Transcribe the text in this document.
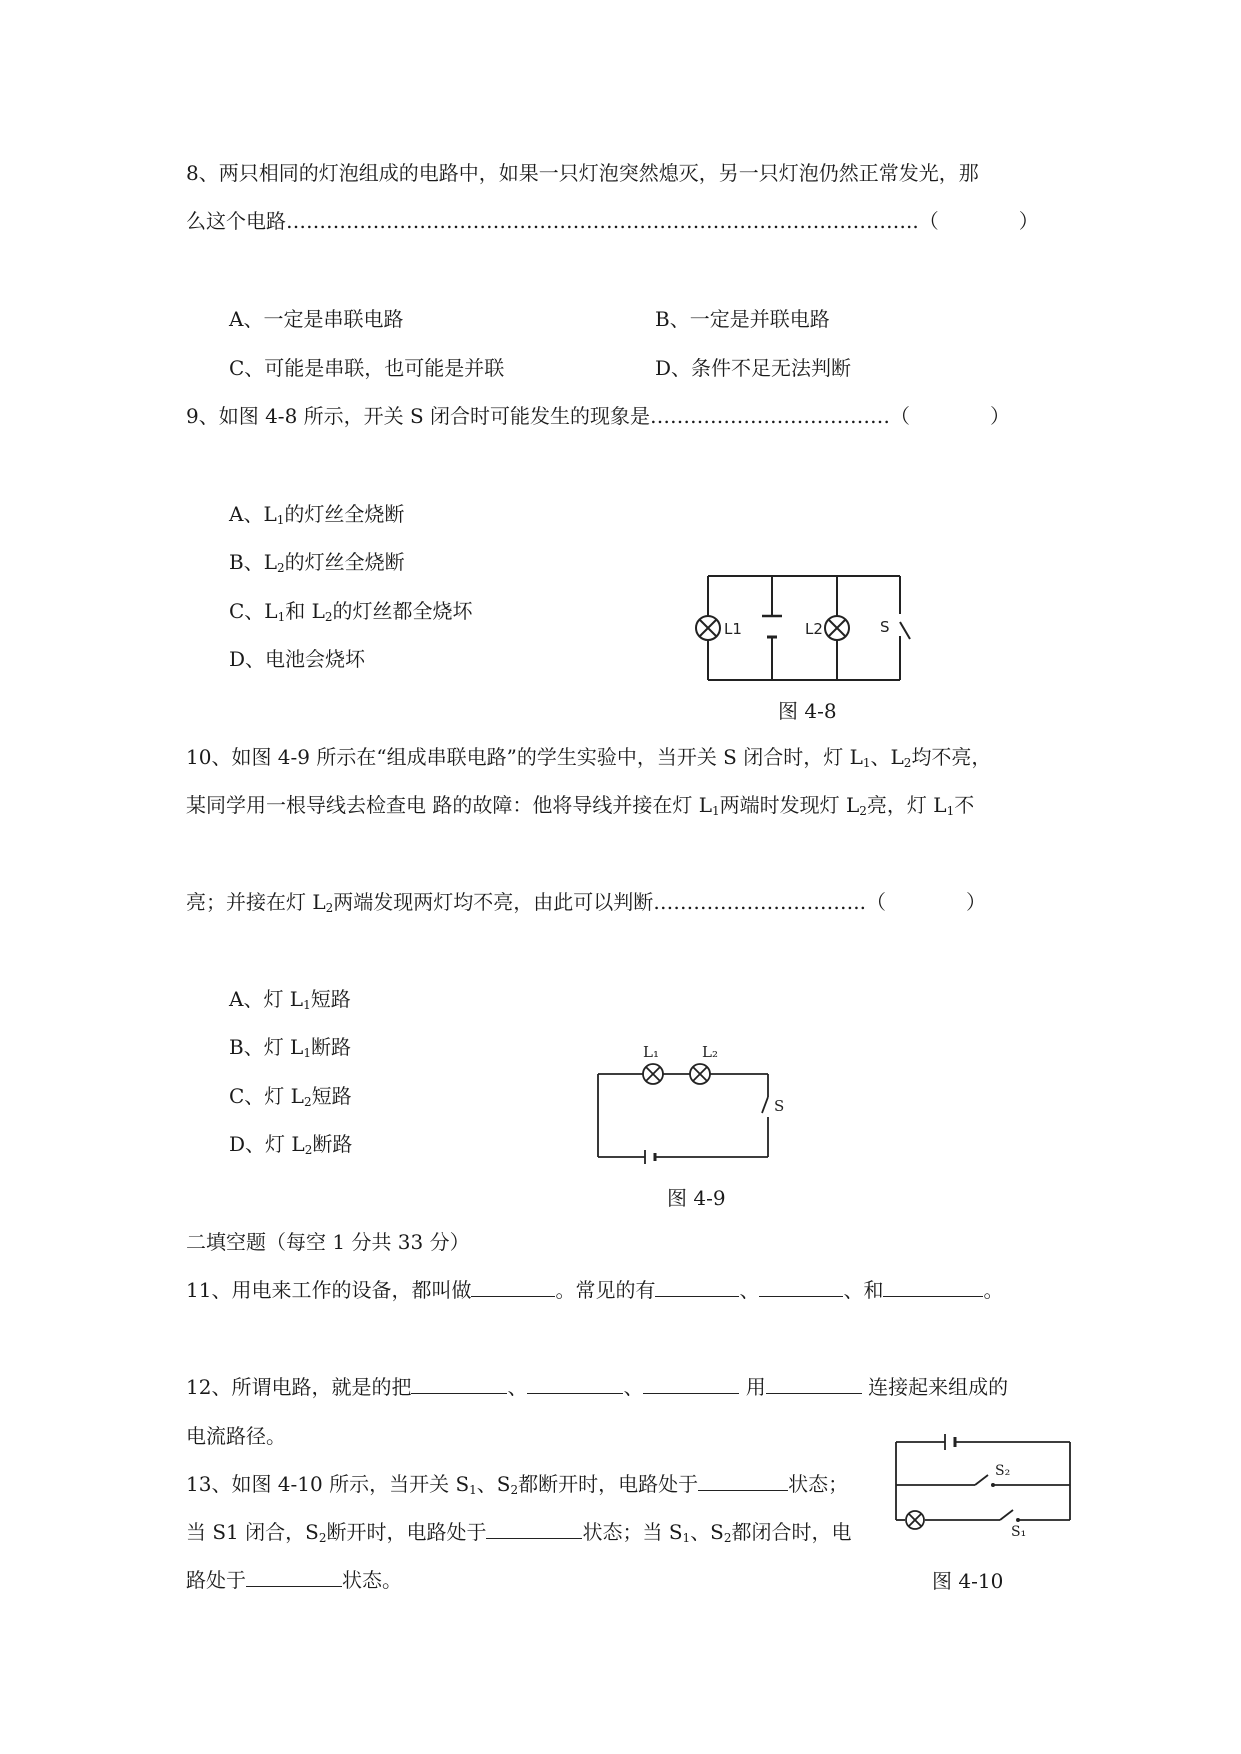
8、两只相同的灯泡组成的电路中，如果一只灯泡突然熄灭，另一只灯泡仍然正常发光，那
么这个电路…………………………………………………………………………………..（　　　　）
A、一定是串联电路	B、一定是并联电路
C、可能是串联，也可能是并联	D、条件不足无法判断
9、如图 4-8 所示，开关 S 闭合时可能发生的现象是………………………………（　　　　）
A、$L_1$的灯丝全烧断
B、$L_2$的灯丝全烧断
C、$L_1$和 $L_2$的灯丝都全烧坏
D、电池会烧坏
L1	L2	S
图 4-8
10、如图 4-9 所示在“组成串联电路”的学生实验中，当开关 S 闭合时，灯 $L_1$、$L_2$均不亮，
某同学用一根导线去检查电 路的故障：他将导线并接在灯 $L_1$两端时发现灯 $L_2$亮，灯 $L_1$不
亮；并接在灯 $L_2$两端发现两灯均不亮，由此可以判断…………………………..（　　　　）
A、灯 $L_1$短路
B、灯 $L_1$断路
C、灯 $L_2$短路
D、灯 $L_2$断路
L₁	L₂
S
图 4-9
二填空题（每空 1 分共 33 分）
11、用电来工作的设备，都叫做	。常见的有	、	、和	。
12、所谓电路，就是的把	、	、	用	连接起来组成的
电流路径。
13、如图 4-10 所示，当开关 $S_1$、$S_2$都断开时，电路处于	状态；
当 S1 闭合，$S_2$断开时，电路处于	状态；当 $S_1$、$S_2$都闭合时，电
路处于	状态。
S₂
S₁
图 4-10
